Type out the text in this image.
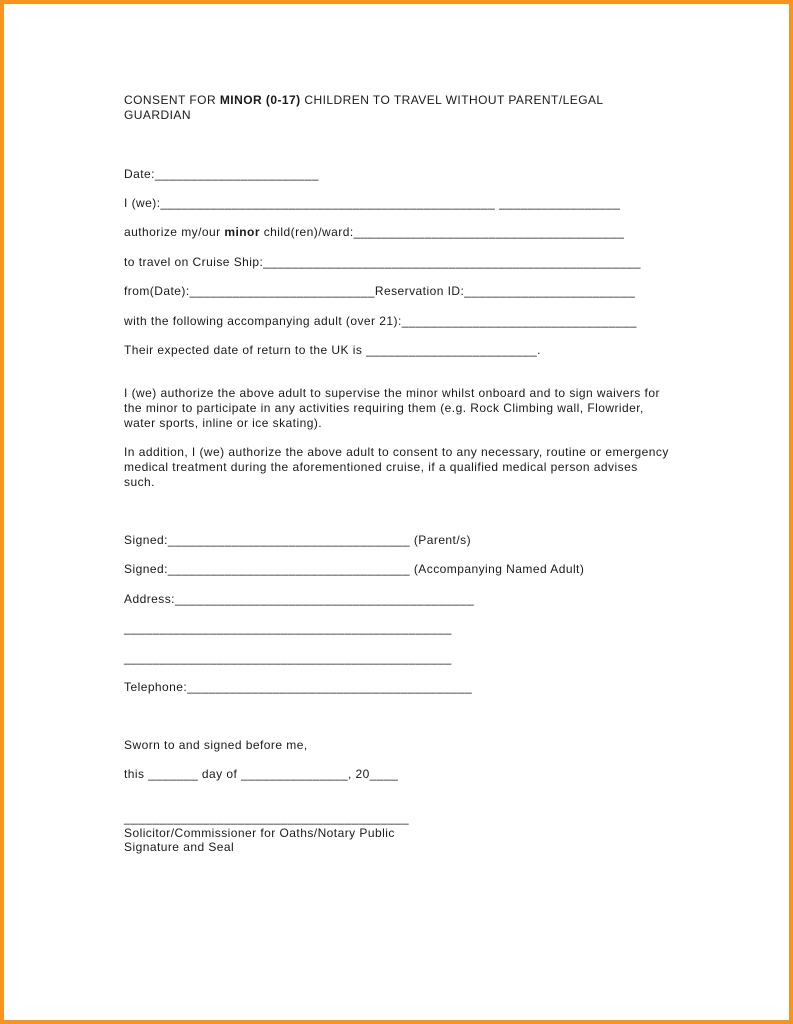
CONSENT FOR MINOR (0-17) CHILDREN TO TRAVEL WITHOUT PARENT/LEGAL
GUARDIAN
Date:_______________________
I (we):_______________________________________________ _________________
authorize my/our minor child(ren)/ward:______________________________________
to travel on Cruise Ship:_____________________________________________________
from(Date):__________________________Reservation ID:________________________
with the following accompanying adult (over 21):_________________________________
Their expected date of return to the UK is ________________________.
I (we) authorize the above adult to supervise the minor whilst onboard and to sign waivers for the minor to participate in any activities requiring them (e.g. Rock Climbing wall, Flowrider, water sports, inline or ice skating).
In addition, I (we) authorize the above adult to consent to any necessary, routine or emergency medical treatment during the aforementioned cruise, if a qualified medical person advises such.
Signed:__________________________________ (Parent/s)
Signed:__________________________________ (Accompanying Named Adult)
Address:__________________________________________
______________________________________________
______________________________________________
Telephone:________________________________________
Sworn to and signed before me,
this _______ day of _______________, 20____
________________________________________
Solicitor/Commissioner for Oaths/Notary Public
Signature and Seal
